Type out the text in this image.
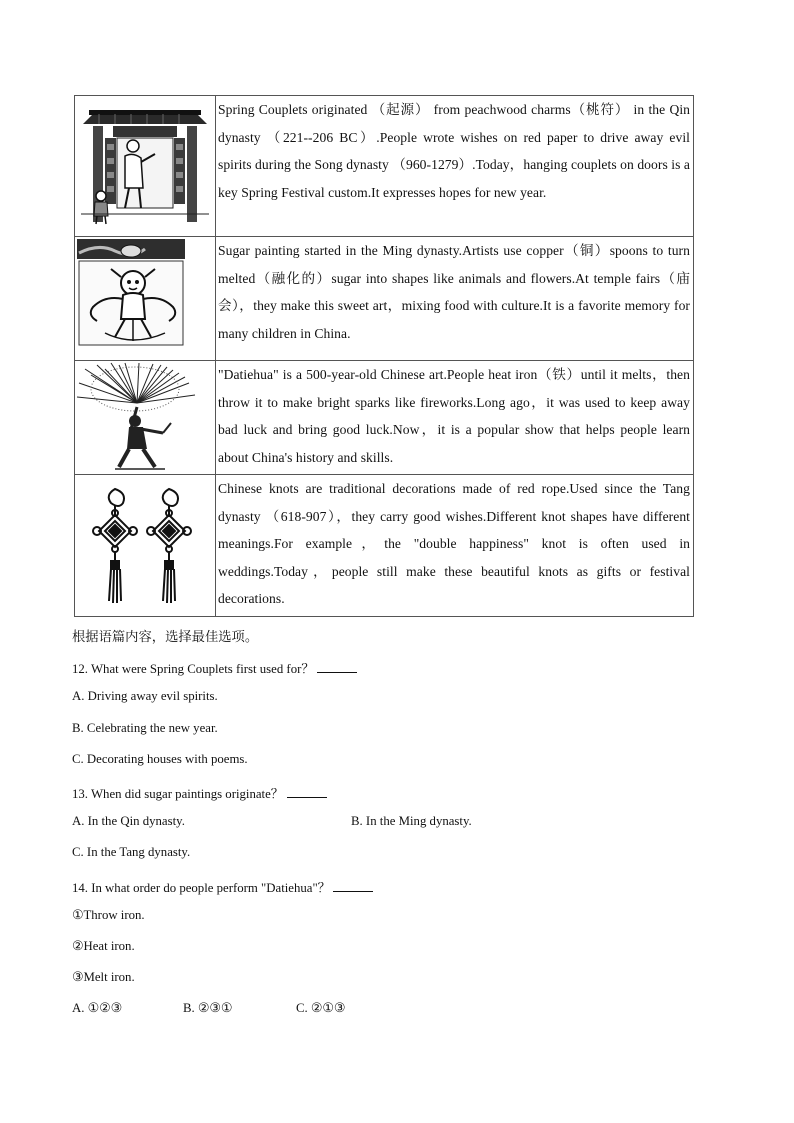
	Spring Couplets originated （起源） from peachwood charms（桃符） in the Qin dynasty （221--206 BC）.People wrote wishes on red paper to drive away evil spirits during the Song dynasty （960-1279）.Today，hanging couplets on doors is a key Spring Festival custom.It expresses hopes for new year.

	Sugar painting started in the Ming dynasty.Artists use copper（铜）spoons to turn melted（融化的）sugar into shapes like animals and flowers.At temple fairs（庙会），they make this sweet art，mixing food with culture.It is a favorite memory for many children in China.

	"Datiehua" is a 500-year-old Chinese art.People heat iron（铁）until it melts，then throw it to make bright sparks like fireworks.Long ago，it was used to keep away bad luck and bring good luck.Now，it is a popular show that helps people learn about China's history and skills.

	Chinese knots are traditional decorations made of red rope.Used since the Tang dynasty （618-907），they carry good wishes.Different knot shapes have different meanings.For example，the "double happiness" knot is often used in weddings.Today，people still make these beautiful knots as gifts or festival decorations.
根据语篇内容，选择最佳选项。
12. What were Spring Couplets first used for？
A. Driving away evil spirits.
B. Celebrating the new year.
C. Decorating houses with poems.
13. When did sugar paintings originate？
A. In the Qin dynasty.	B. In the Ming dynasty.
C. In the Tang dynasty.
14. In what order do people perform "Datiehua"？
①Throw iron.
②Heat iron.
③Melt iron.
A. ①②③	B. ②③①	C. ②①③
